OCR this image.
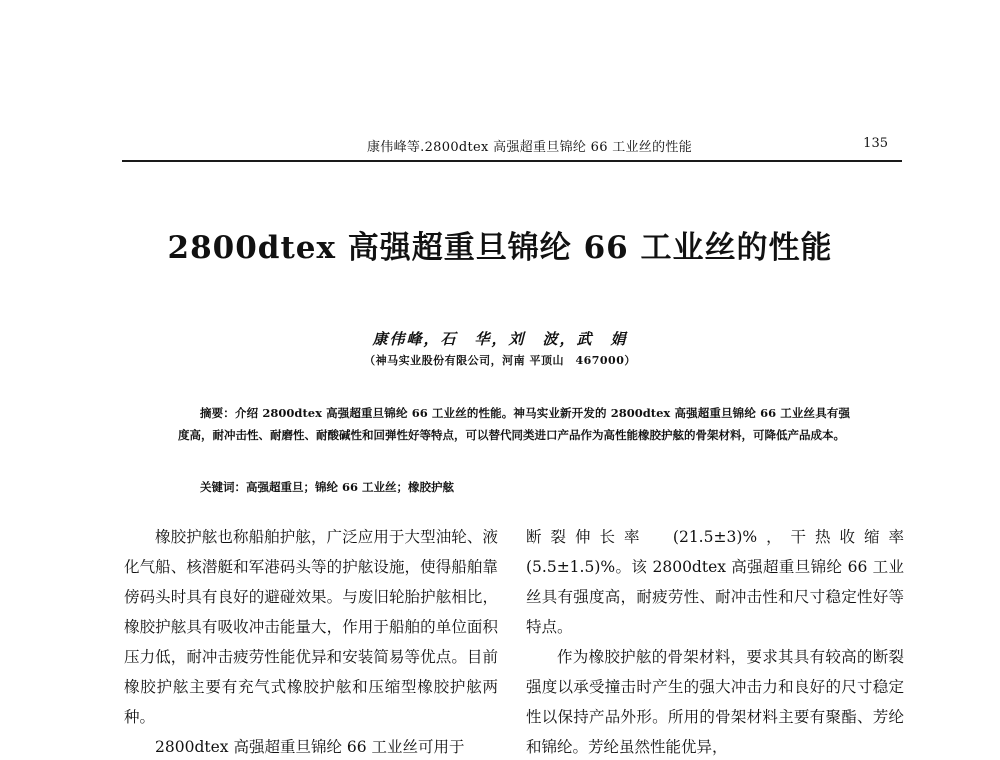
康伟峰等.2800dtex 高强超重旦锦纶 66 工业丝的性能	135
2800dtex 高强超重旦锦纶 66 工业丝的性能
康伟峰，石　华，刘　波，武　娟
（神马实业股份有限公司，河南 平顶山　467000）
摘要：介绍 2800dtex 高强超重旦锦纶 66 工业丝的性能。神马实业新开发的 2800dtex 高强超重旦锦纶 66 工业丝具有强度高，耐冲击性、耐磨性、耐酸碱性和回弹性好等特点，可以替代同类进口产品作为高性能橡胶护舷的骨架材料，可降低产品成本。
关键词：高强超重旦；锦纶 66 工业丝；橡胶护舷

橡胶护舷也称船舶护舷，广泛应用于大型油轮、液化气船、核潜艇和军港码头等的护舷设施，使得船舶靠傍码头时具有良好的避碰效果。与废旧轮胎护舷相比，橡胶护舷具有吸收冲击能量大，作用于船舶的单位面积压力低，耐冲击疲劳性能优异和安装简易等优点。目前橡胶护舷主要有充气式橡胶护舷和压缩型橡胶护舷两种。

2800dtex 高强超重旦锦纶 66 工业丝可用于

断裂伸长率　(21.5±3)%，干热收缩率　(5.5±1.5)%。该 2800dtex 高强超重旦锦纶 66 工业丝具有强度高，耐疲劳性、耐冲击性和尺寸稳定性好等特点。

作为橡胶护舷的骨架材料，要求其具有较高的断裂强度以承受撞击时产生的强大冲击力和良好的尺寸稳定性以保持产品外形。所用的骨架材料主要有聚酯、芳纶和锦纶。芳纶虽然性能优异，
